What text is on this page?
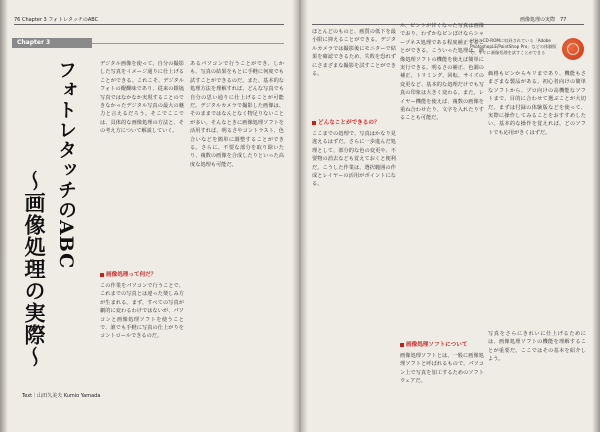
76 Chapter 3 フォトレタッチのABC	画像処理の実際　77
Chapter 3
フォトレタッチのABC
〜画像処理の実際〜
Text｜山田久美夫 Kumio Yamada
画像処理って何だ？
デジタル画像を使って、自分の撮影した写真をイメージ通りに仕上げることができる。これこそ、デジタルフォトの醍醐味であり、従来の銀塩写真ではなかなか実現することのできなかったデジタル写真の最大の魅力と言えるだろう。そこでここでは、具体的な画像処理の方法と、その考え方について解説していく。
あるパソコンで行うことができ、しかも、写真の結果をもとに手軽に何度でも試すことができるのだ。また、基本的な処理方法を理解すれば、どんな写真でも自分の思い通りに仕上げることが可能だ。デジタルカメラで撮影した画像は、そのままではなんとなく物足りないことが多い。そんなときに画像処理ソフトを活用すれば、明るさやコントラスト、色合いなどを簡単に調整することができる。さらに、不要な部分を取り除いたり、複数の画像を合成したりといった高度な処理も可能だ。
この作業をパソコンで行うことで、これまでの写真とは違った楽しみ方が生まれる。まず、すべての写真が劇的に変わるわけではないが、パソコンと画像処理ソフトを使うことで、誰でも手軽に写真の仕上がりをコントロールできるのだ。
どんなことができるの？
ほとんどのものと、画質の低下を最小限に抑えることができる。デジタルカメラでは撮影後にモニターで結果を確認できるため、失敗を恐れずにさまざまな撮影を試すことができる。
ここまでの処理で、写真はかなり見違えるはずだ。さらに一歩進んだ処理として、部分的な色の変更や、不要物の消去なども覚えておくと便利だ。こうした作業は、選択範囲の作成とレイヤーの活用がポイントになる。
ル、ピントが甘くなった写真は画像でおり、わずかなピンぼけならシャープネス処理である程度補正することができる。こういった処理は、画像処理ソフトの機能を使えば簡単に実行できる。明るさの補正、色調の補正、トリミング、回転、サイズの変更など、基本的な処理だけでも写真の印象は大きく変わる。また、レイヤー機能を使えば、複数の画像を重ね合わせたり、文字を入れたりすることも可能だ。
画像処理ソフトについて
画像処理ソフトとは、一般に画像処理ソフトと呼ばれるもので、パソコン上で写真を加工するためのソフトウェアだ。
付録のCD-ROMに収録されている「Adobe PhotoshopLE/PaintShop Pro」などの体験版で、すぐに画像処理を試すことができる
価格もピンからキリまであり、機能もさまざまな製品がある。初心者向けの簡単なソフトから、プロ向けの高機能なソフトまで、目的に合わせて選ぶことが大切だ。まずは付録の体験版などを使って、実際に操作してみることをおすすめしたい。基本的な操作を覚えれば、どのソフトでも応用がきくはずだ。
写真をさらにきれいに仕上げるためには、画像処理ソフトの機能を理解することが重要だ。ここではその基本を紹介しよう。
